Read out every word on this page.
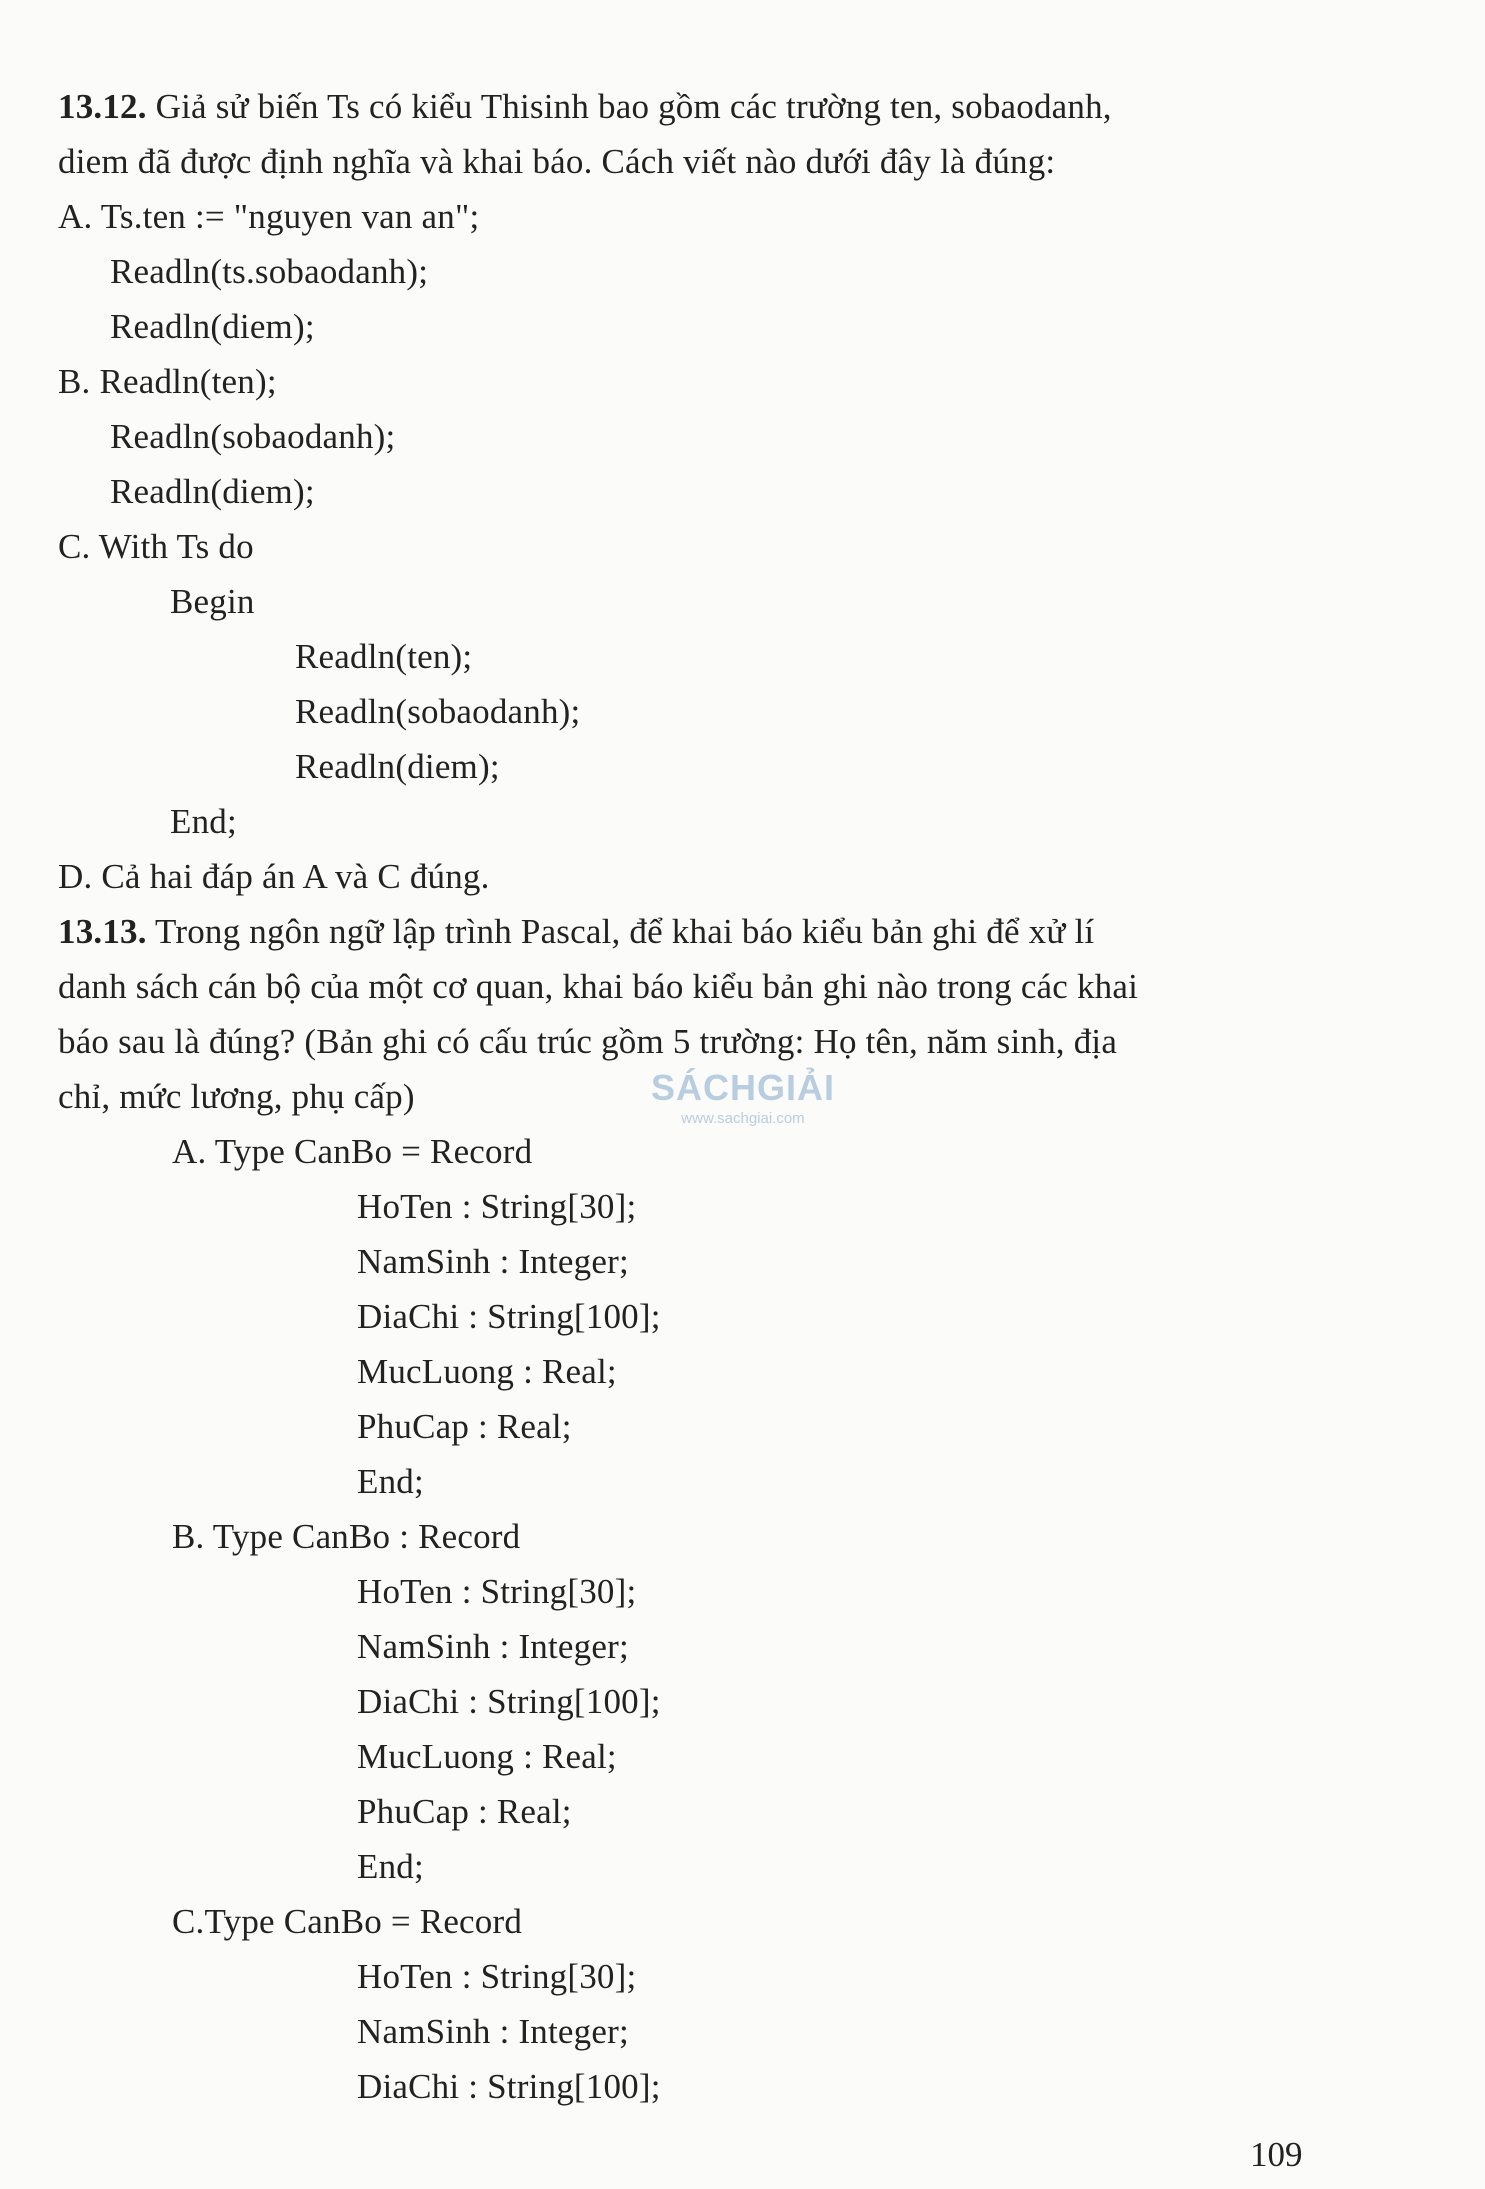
13.12. Giả sử biến Ts có kiểu Thisinh bao gồm các trường ten, sobaodanh,
diem đã được định nghĩa và khai báo. Cách viết nào dưới đây là đúng:
A. Ts.ten := "nguyen van an";
Readln(ts.sobaodanh);
Readln(diem);
B. Readln(ten);
Readln(sobaodanh);
Readln(diem);
C. With Ts do
Begin
Readln(ten);
Readln(sobaodanh);
Readln(diem);
End;
D. Cả hai đáp án A và C đúng.
13.13. Trong ngôn ngữ lập trình Pascal, để khai báo kiểu bản ghi để xử lí
danh sách cán bộ của một cơ quan, khai báo kiểu bản ghi nào trong các khai
báo sau là đúng? (Bản ghi có cấu trúc gồm 5 trường: Họ tên, năm sinh, địa
chỉ, mức lương, phụ cấp)	SÁCHGIẢI
www.sachgiai.com
A. Type CanBo = Record
HoTen : String[30];
NamSinh : Integer;
DiaChi : String[100];
MucLuong : Real;
PhuCap : Real;
End;
B. Type CanBo : Record
HoTen : String[30];
NamSinh : Integer;
DiaChi : String[100];
MucLuong : Real;
PhuCap : Real;
End;
C.Type CanBo = Record
HoTen : String[30];
NamSinh : Integer;
DiaChi : String[100];
109
